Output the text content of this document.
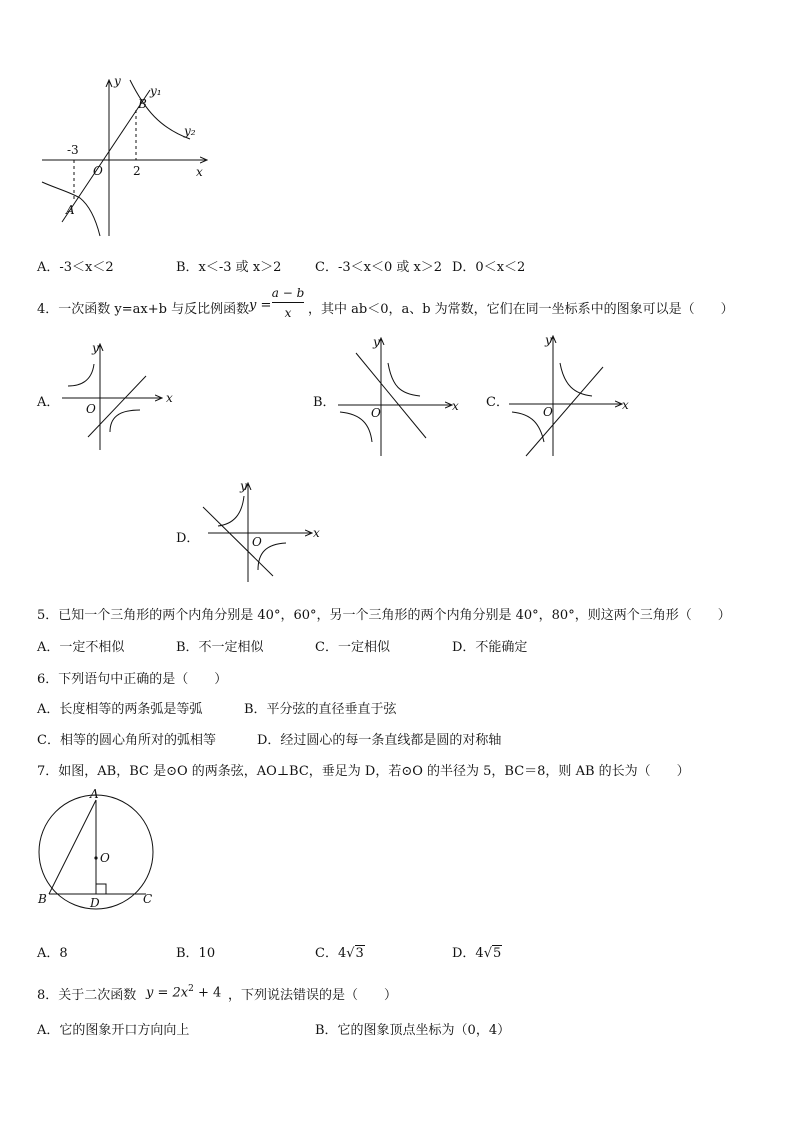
y
y₁
y₂
B
A
O	x
-3
2
A．-3＜x＜2	B．x＜-3 或 x＞2	C．-3＜x＜0 或 x＞2 D．0＜x＜2
4．一次函数 y=ax+b 与反比例函数 y =
a − b
x	，其中 ab＜0，a、b 为常数，它们在同一坐标系中的图象可以是（　　）
A．	B．	C．
D．
y
x
O
y
x
O
y
x
O
y
x
O
5．已知一个三角形的两个内角分别是 40°，60°，另一个三角形的两个内角分别是 40°，80°，则这两个三角形（　　）
A．一定不相似	B．不一定相似	C．一定相似	D．不能确定
6．下列语句中正确的是（　　）
A．长度相等的两条弧是等弧	B．平分弦的直径垂直于弦
C．相等的圆心角所对的弧相等	D．经过圆心的每一条直线都是圆的对称轴
7．如图，AB，BC 是⊙O 的两条弦，AO⊥BC，垂足为 D，若⊙O 的半径为 5，BC＝8，则 AB 的长为（　　）
A
O
B	D	C
A．8	B．10	C．4√3	D．4√5
8．关于二次函数 $y = 2x^2 + 4$ ，下列说法错误的是（　　）
A．它的图象开口方向向上	B．它的图象顶点坐标为（0，4）
